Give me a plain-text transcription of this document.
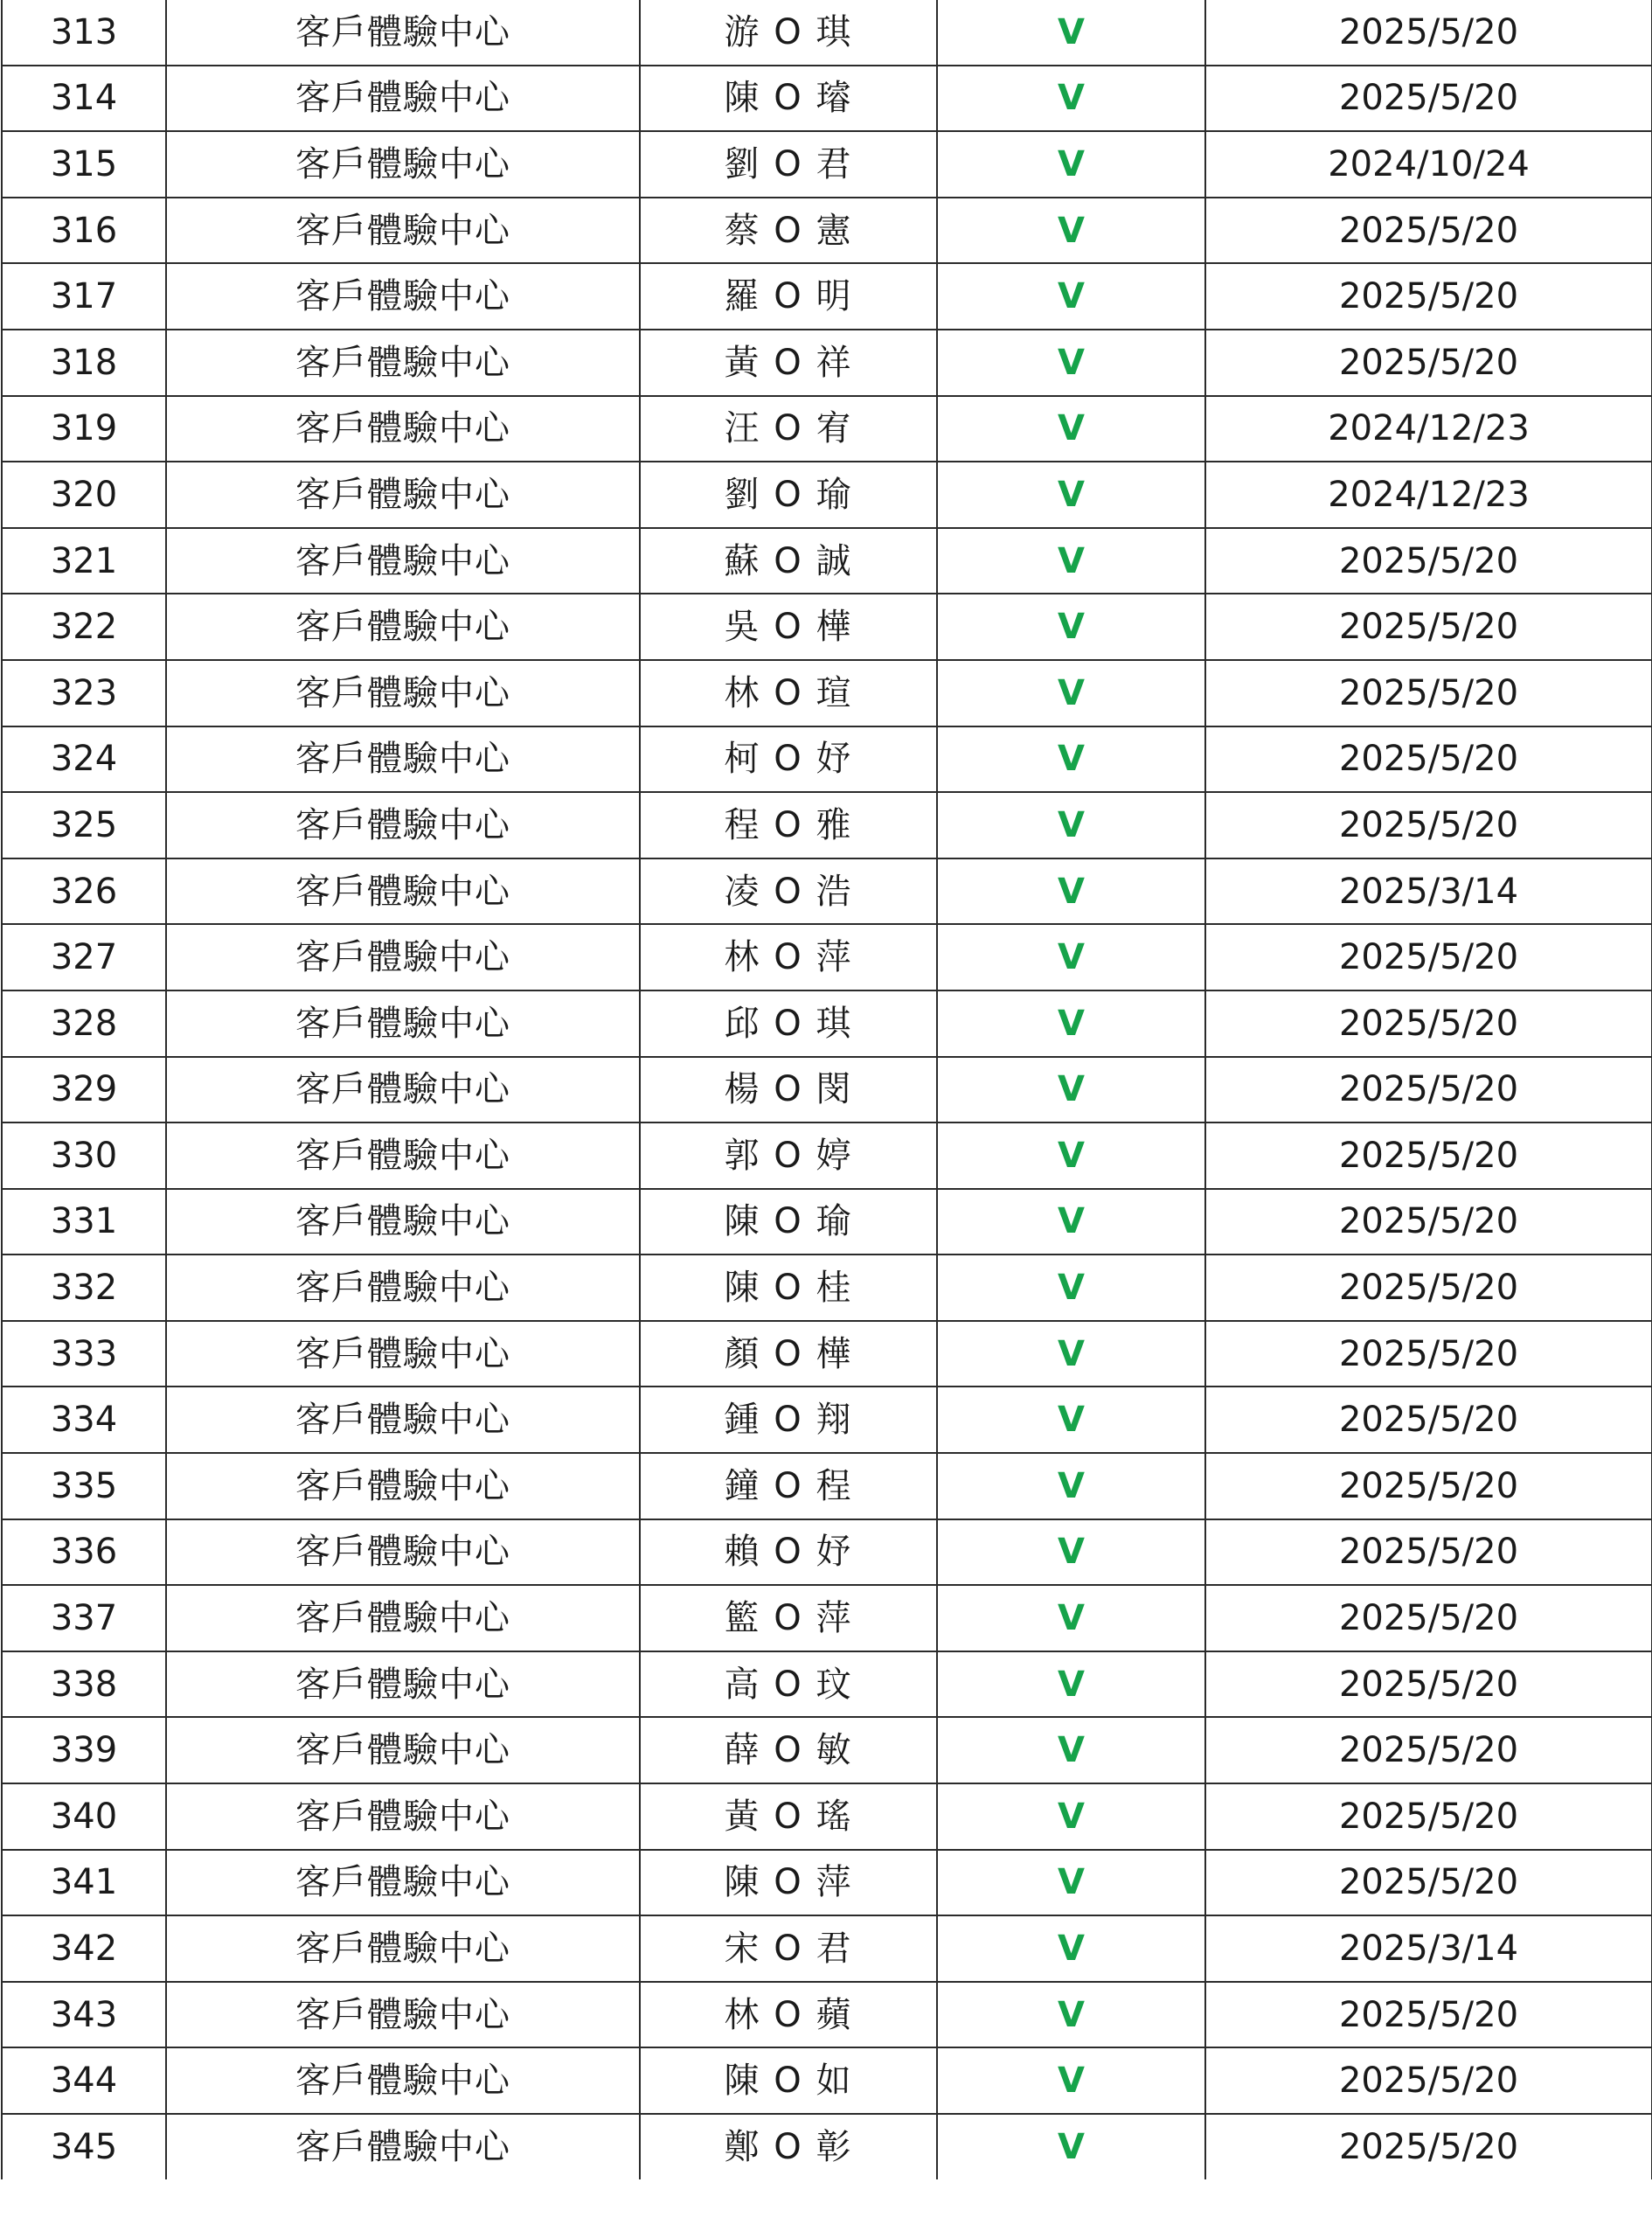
313	客戶體驗中心	游 O 琪	V	2025/5/20
314	客戶體驗中心	陳 O 璿	V	2025/5/20
315	客戶體驗中心	劉 O 君	V	2024/10/24
316	客戶體驗中心	蔡 O 憲	V	2025/5/20
317	客戶體驗中心	羅 O 明	V	2025/5/20
318	客戶體驗中心	黃 O 祥	V	2025/5/20
319	客戶體驗中心	汪 O 宥	V	2024/12/23
320	客戶體驗中心	劉 O 瑜	V	2024/12/23
321	客戶體驗中心	蘇 O 誠	V	2025/5/20
322	客戶體驗中心	吳 O 樺	V	2025/5/20
323	客戶體驗中心	林 O 瑄	V	2025/5/20
324	客戶體驗中心	柯 O 妤	V	2025/5/20
325	客戶體驗中心	程 O 雅	V	2025/5/20
326	客戶體驗中心	凌 O 浩	V	2025/3/14
327	客戶體驗中心	林 O 萍	V	2025/5/20
328	客戶體驗中心	邱 O 琪	V	2025/5/20
329	客戶體驗中心	楊 O 閔	V	2025/5/20
330	客戶體驗中心	郭 O 婷	V	2025/5/20
331	客戶體驗中心	陳 O 瑜	V	2025/5/20
332	客戶體驗中心	陳 O 桂	V	2025/5/20
333	客戶體驗中心	顏 O 樺	V	2025/5/20
334	客戶體驗中心	鍾 O 翔	V	2025/5/20
335	客戶體驗中心	鐘 O 程	V	2025/5/20
336	客戶體驗中心	賴 O 妤	V	2025/5/20
337	客戶體驗中心	籃 O 萍	V	2025/5/20
338	客戶體驗中心	高 O 玟	V	2025/5/20
339	客戶體驗中心	薛 O 敏	V	2025/5/20
340	客戶體驗中心	黃 O 瑤	V	2025/5/20
341	客戶體驗中心	陳 O 萍	V	2025/5/20
342	客戶體驗中心	宋 O 君	V	2025/3/14
343	客戶體驗中心	林 O 蘋	V	2025/5/20
344	客戶體驗中心	陳 O 如	V	2025/5/20
345	客戶體驗中心	鄭 O 彰	V	2025/5/20
